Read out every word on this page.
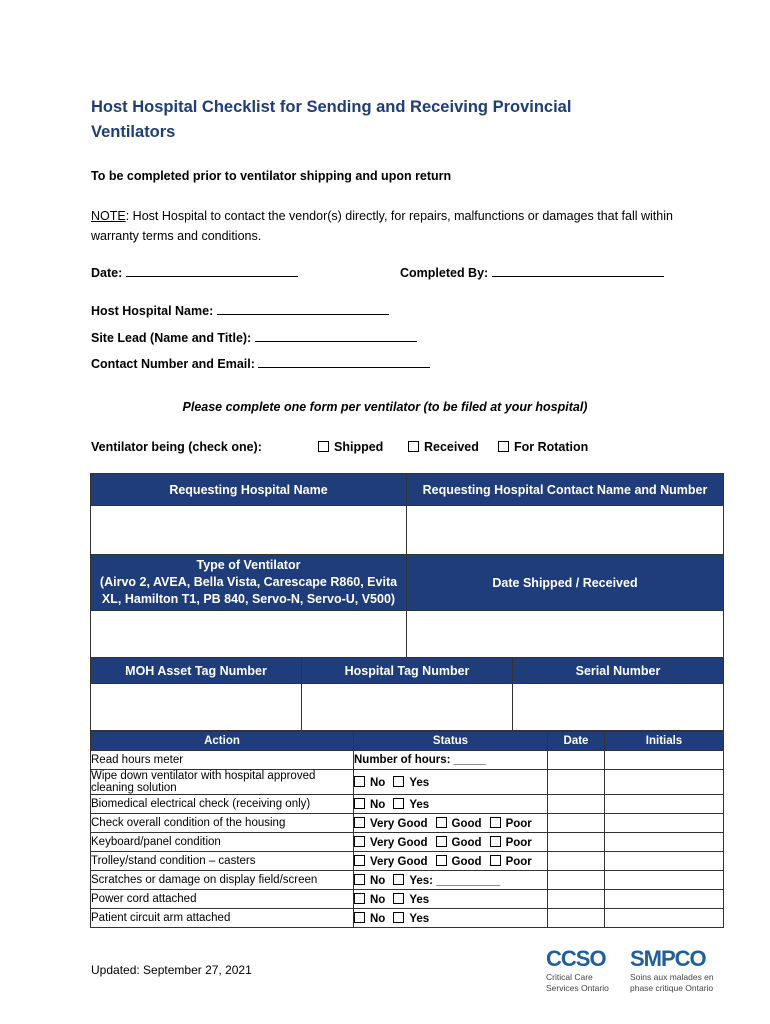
Host Hospital Checklist for Sending and Receiving Provincial Ventilators
To be completed prior to ventilator shipping and upon return
NOTE: Host Hospital to contact the vendor(s) directly, for repairs, malfunctions or damages that fall within warranty terms and conditions.
Date:	Completed By:
Host Hospital Name:
Site Lead (Name and Title):
Contact Number and Email:
Please complete one form per ventilator (to be filed at your hospital)
Ventilator being (check one):	Shipped	Received	For Rotation
Requesting Hospital Name	Requesting Hospital Contact Name and Number

Type of Ventilator
(Airvo 2, AVEA, Bella Vista, Carescape R860, Evita
XL, Hamilton T1, PB 840, Servo-N, Servo-U, V500)	Date Shipped / Received

MOH Asset Tag Number	Hospital Tag Number	Serial Number

Action	Status	Date	Initials
Read hours meter	Number of hours: _____		
Wipe down ventilator with hospital approved cleaning solution	No Yes		
Biomedical electrical check (receiving only)	No Yes		
Check overall condition of the housing	Very Good Good Poor		
Keyboard/panel condition	Very Good Good Poor		
Trolley/stand condition – casters	Very Good Good Poor		
Scratches or damage on display field/screen	No Yes: __________		
Power cord attached	No Yes		
Patient circuit arm attached	No Yes		
Updated: September 27, 2021	CCSO
Critical Care
Services Ontario
SMPCO
Soins aux malades en
phase critique Ontario
